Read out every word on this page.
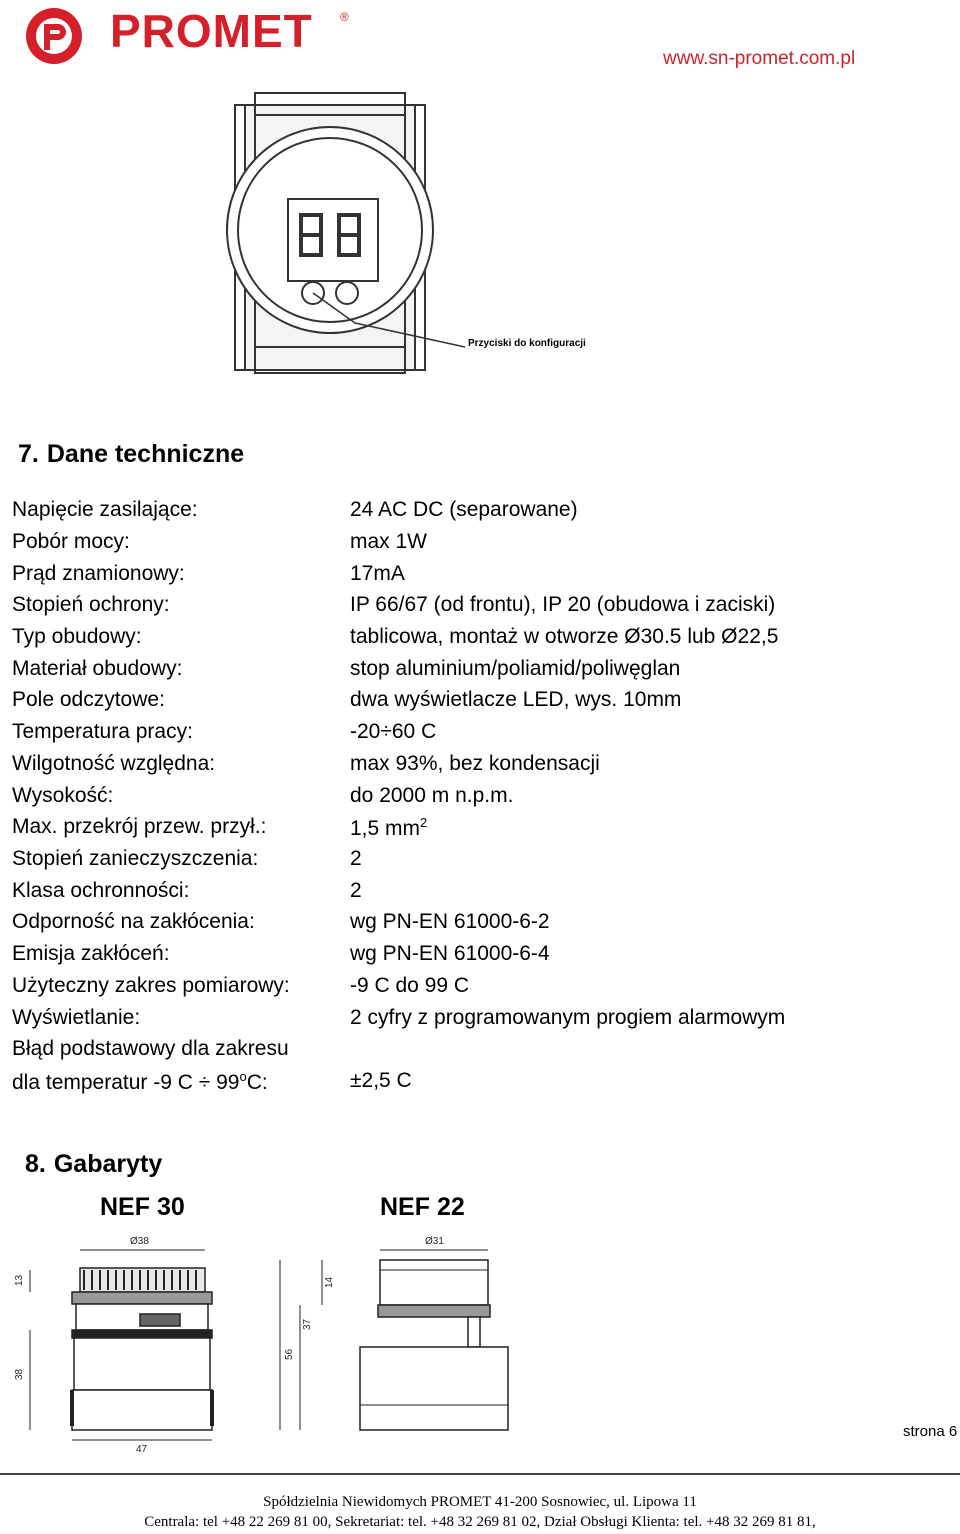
PROMET ®
www.sn-promet.com.pl
Przyciski do konfiguracji
7. Dane techniczne
Napięcie zasilające:	24 AC DC (separowane)
Pobór mocy:	max 1W
Prąd znamionowy:	17mA
Stopień ochrony:	IP 66/67 (od frontu), IP 20 (obudowa i zaciski)
Typ obudowy:	tablicowa, montaż w otworze Ø30.5 lub Ø22,5
Materiał obudowy:	stop aluminium/poliamid/poliwęglan
Pole odczytowe:	dwa wyświetlacze LED, wys. 10mm
Temperatura pracy:	-20÷60 C
Wilgotność względna:	max 93%, bez kondensacji
Wysokość:	do 2000 m n.p.m.
Max. przekrój przew. przył.:	1,5 $mm^2$
Stopień zanieczyszczenia:	2
Klasa ochronności:	2
Odporność na zakłócenia:	wg PN-EN 61000-6-2
Emisja zakłóceń:	wg PN-EN 61000-6-4
Użyteczny zakres pomiarowy:	-9 C do 99 C
Wyświetlanie:	2 cyfry z programowanym progiem alarmowym
Błąd podstawowy dla zakresu
dla temperatur -9 $C \div 99^oC$:	±2,5 C
8. Gabaryty
NEF 30	NEF 22
Ø38
13
38
47
Ø31
14
37
56
strona 6
Spółdzielnia Niewidomych PROMET 41-200 Sosnowiec, ul. Lipowa 11
Centrala: tel +48 22 269 81 00, Sekretariat: tel. +48 32 269 81 02, Dział Obsługi Klienta: tel. +48 32 269 81 81,
